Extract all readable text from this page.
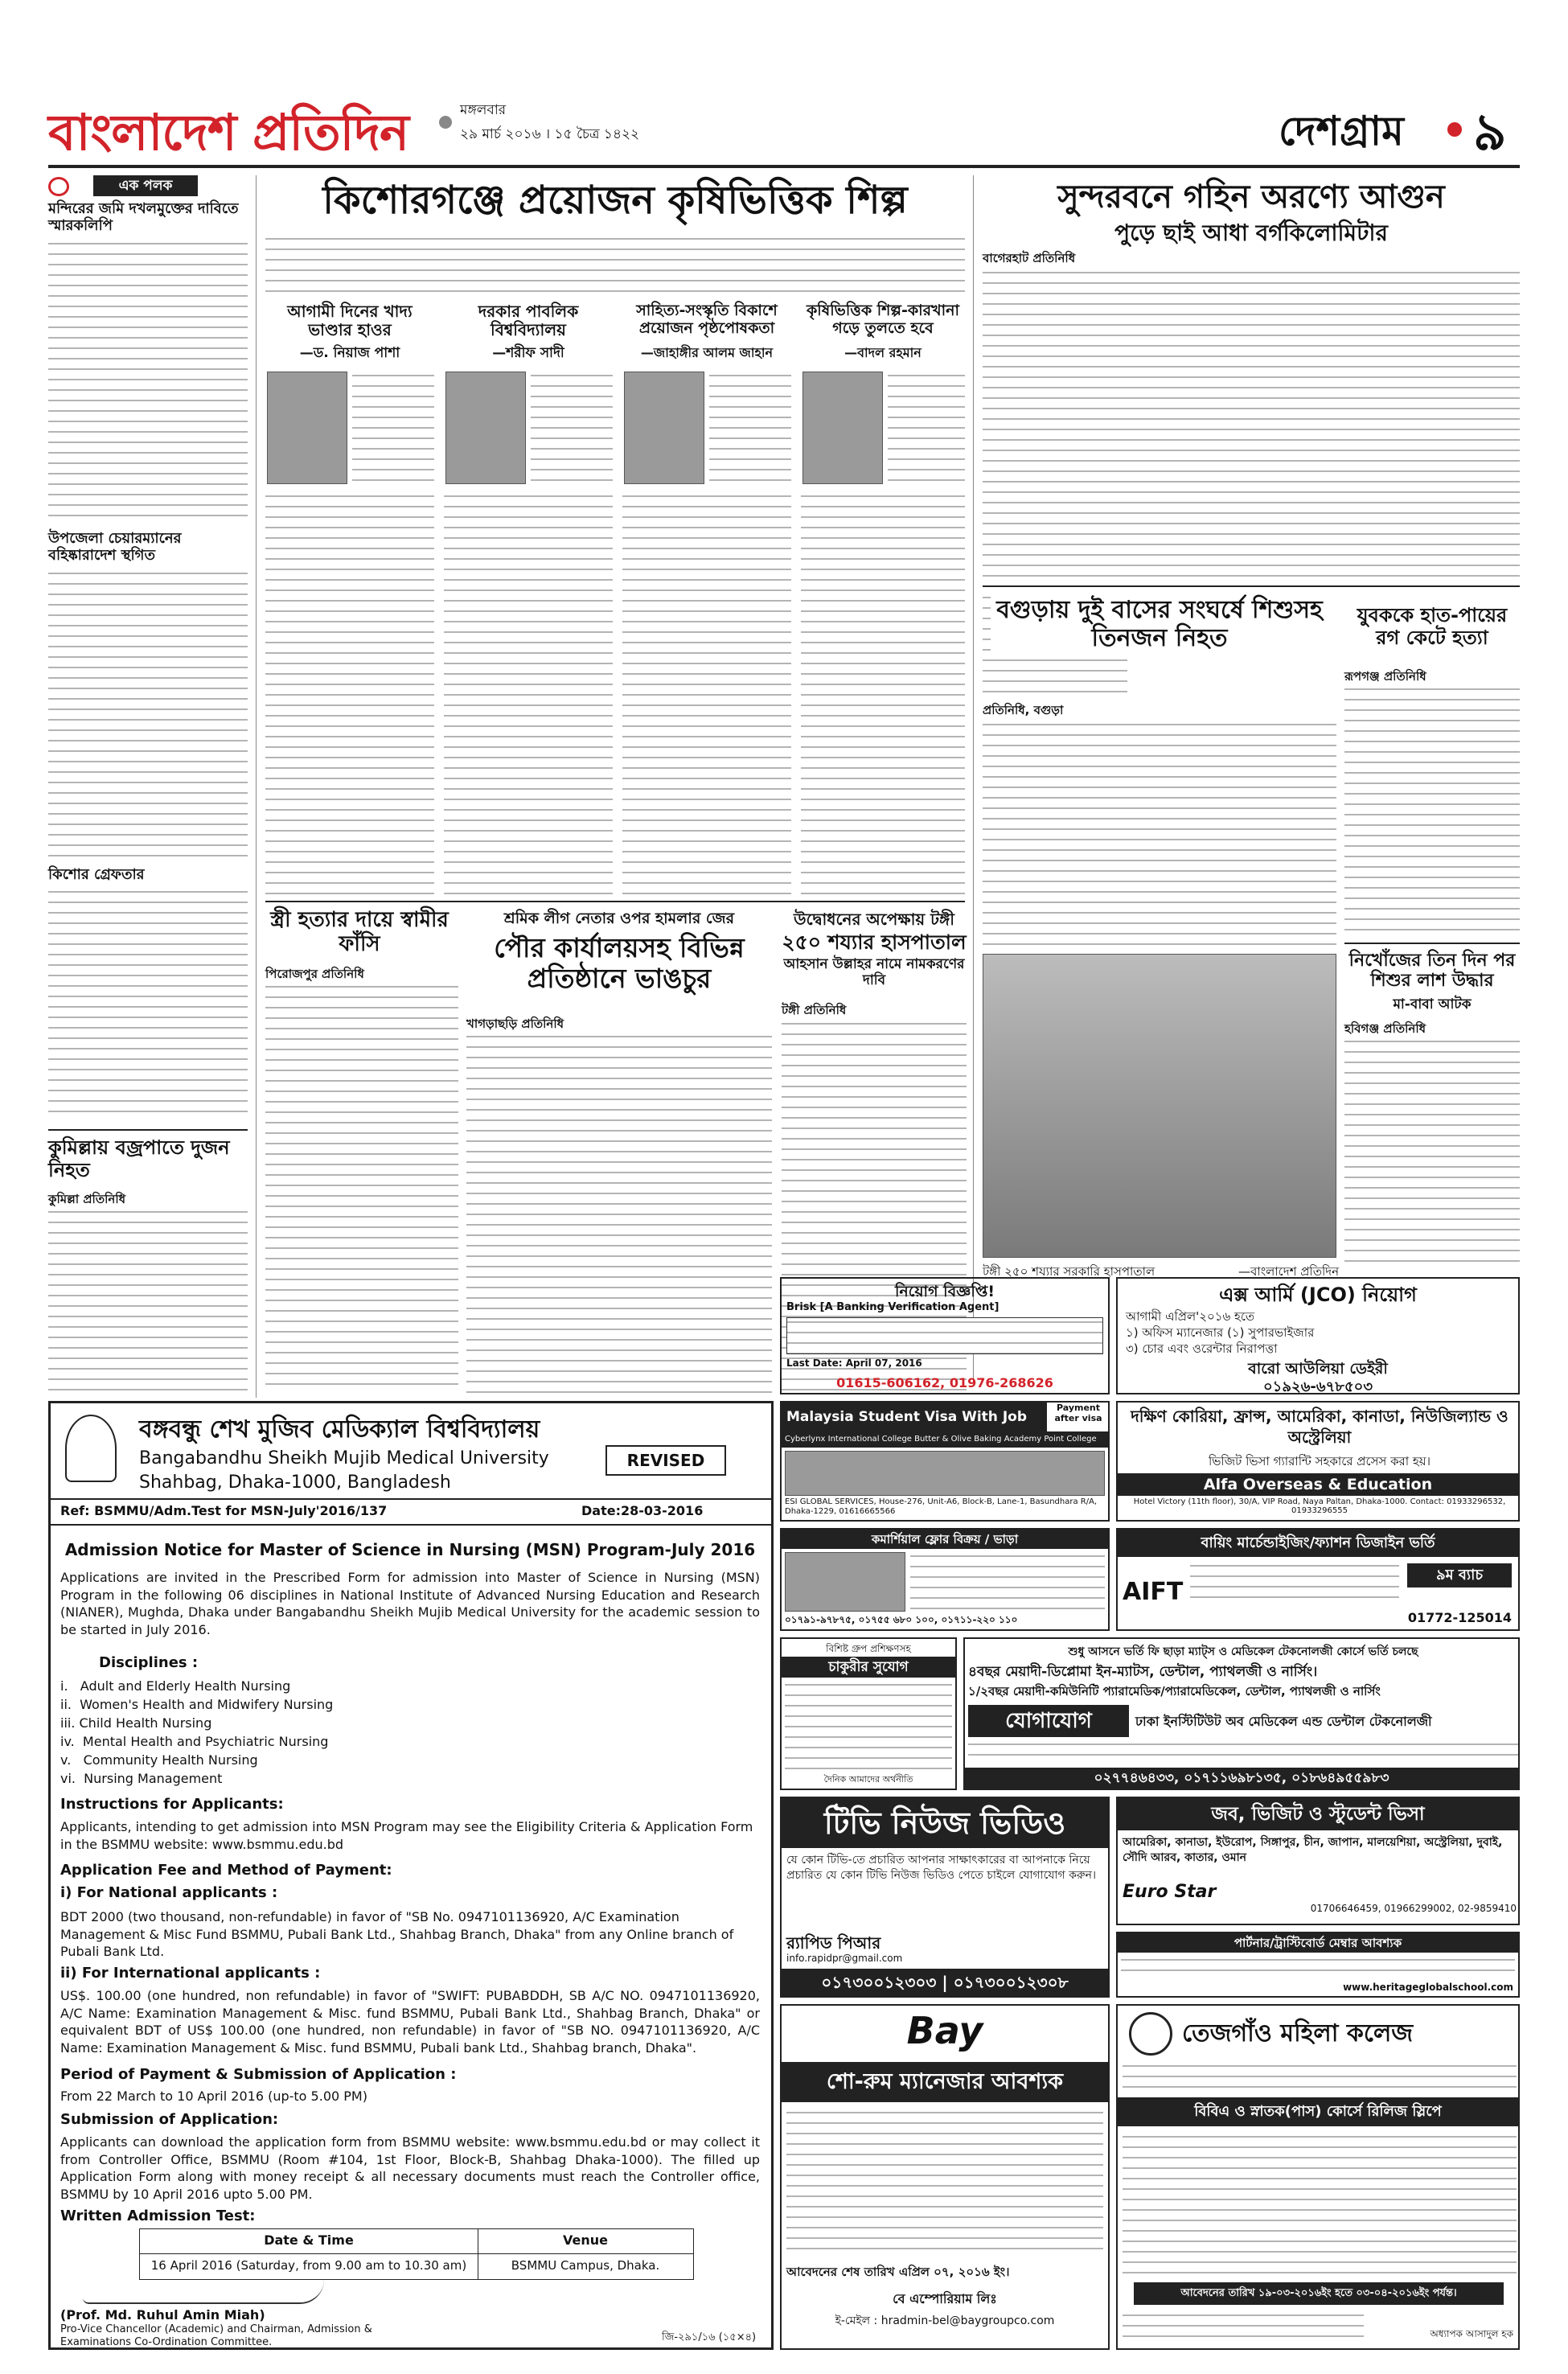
বাংলাদেশ প্রতিদিন	মঙ্গলবার
২৯ মার্চ ২০১৬ । ১৫ চৈত্র ১৪২২	দেশগ্রাম ৯
এক পলক
মন্দিরের জমি দখলমুক্তের দাবিতে স্মারকলিপি
উপজেলা চেয়ারম্যানের বহিষ্কারাদেশ স্থগিত
কিশোর গ্রেফতার
কুমিল্লায় বজ্রপাতে দুজন নিহত
কুমিল্লা প্রতিনিধি
কিশোরগঞ্জে প্রয়োজন কৃষিভিত্তিক শিল্প
আগামী দিনের খাদ্য ভাণ্ডার হাওর
—ড. নিয়াজ পাশা
দরকার পাবলিক বিশ্ববিদ্যালয়
—শরীফ সাদী
সাহিত্য-সংস্কৃতি বিকাশে প্রয়োজন পৃষ্ঠপোষকতা
—জাহাঙ্গীর আলম জাহান
কৃষিভিত্তিক শিল্প-কারখানা গড়ে তুলতে হবে
—বাদল রহমান
স্ত্রী হত্যার দায়ে স্বামীর ফাঁসি
পিরোজপুর প্রতিনিধি
শ্রমিক লীগ নেতার ওপর হামলার জের
পৌর কার্যালয়সহ বিভিন্ন প্রতিষ্ঠানে ভাঙচুর
খাগড়াছড়ি প্রতিনিধি
উদ্বোধনের অপেক্ষায় টঙ্গী
২৫০ শয্যার হাসপাতাল
আহসান উল্লাহর নামে নামকরণের দাবি
টঙ্গী প্রতিনিধি
সুন্দরবনে গহিন অরণ্যে আগুন
পুড়ে ছাই আধা বর্গকিলোমিটার
বাগেরহাট প্রতিনিধি
বগুড়ায় দুই বাসের সংঘর্ষে শিশুসহ তিনজন নিহত
প্রতিনিধি, বগুড়া
যুবককে হাত-পায়ের রগ কেটে হত্যা
রূপগঞ্জ প্রতিনিধি
নিখোঁজের তিন দিন পর শিশুর লাশ উদ্ধার
মা-বাবা আটক
হবিগঞ্জ প্রতিনিধি
টঙ্গী ২৫০ শয্যার সরকারি হাসপাতাল	—বাংলাদেশ প্রতিদিন
বঙ্গবন্ধু শেখ মুজিব মেডিক্যাল বিশ্ববিদ্যালয়
Bangabandhu Sheikh Mujib Medical University
Shahbag, Dhaka-1000, Bangladesh
REVISED
Ref: BSMMU/Adm.Test for MSN-July'2016/137	Date:28-03-2016
Admission Notice for Master of Science in Nursing (MSN) Program-July 2016
Applications are invited in the Prescribed Form for admission into Master of Science in Nursing (MSN) Program in the following 06 disciplines in National Institute of Advanced Nursing Education and Research (NIANER), Mughda, Dhaka under Bangabandhu Sheikh Mujib Medical University for the academic session to be started in July 2016.
Disciplines :
i.   Adult and Elderly Health Nursing
ii.  Women's Health and Midwifery Nursing
iii. Child Health Nursing
iv.  Mental Health and Psychiatric Nursing
v.   Community Health Nursing
vi.  Nursing Management
Instructions for Applicants:
Applicants, intending to get admission into MSN Program may see the Eligibility Criteria & Application Form in the BSMMU website: www.bsmmu.edu.bd
Application Fee and Method of Payment:
i) For National applicants :
BDT 2000 (two thousand, non-refundable) in favor of "SB No. 0947101136920, A/C Examination Management & Misc Fund BSMMU, Pubali Bank Ltd., Shahbag Branch, Dhaka" from any Online branch of Pubali Bank Ltd.
ii) For International applicants :
US$. 100.00 (one hundred, non refundable) in favor of "SWIFT: PUBABDDH, SB A/C NO. 0947101136920, A/C Name: Examination Management & Misc. fund BSMMU, Pubali Bank Ltd., Shahbag Branch, Dhaka" or equivalent BDT of US$ 100.00 (one hundred, non refundable) in favor of "SB NO. 0947101136920, A/C Name: Examination Management & Misc. fund BSMMU, Pubali bank Ltd., Shahbag branch, Dhaka".
Period of Payment & Submission of Application :
From 22 March to 10 April 2016 (up-to 5.00 PM)
Submission of Application:
Applicants can download the application form from BSMMU website: www.bsmmu.edu.bd or may collect it from Controller Office, BSMMU (Room #104, 1st Floor, Block-B, Shahbag Dhaka-1000). The filled up Application Form along with money receipt & all necessary documents must reach the Controller office, BSMMU by 10 April 2016 upto 5.00 PM.
Written Admission Test:
Date & Time	Venue
16 April 2016 (Saturday, from 9.00 am to 10.30 am)	BSMMU Campus, Dhaka.
(Prof. Md. Ruhul Amin Miah)
Pro-Vice Chancellor (Academic) and Chairman, Admission & Examinations Co-Ordination Committee.	জি-২৯১/১৬ (১৫×৪)
নিয়োগ বিজ্ঞপ্তি!
Brisk [A Banking Verification Agent]
Last Date: April 07, 2016
01615-606162, 01976-268626
এক্স আর্মি (JCO) নিয়োগ
আগামী এপ্রিল'২০১৬ হতে
১) অফিস ম্যানেজার (১) সুপারভাইজার
৩) চোর এবং ওরেন্টার নিরাপত্তা
বারো আউলিয়া ডেইরী
০১৯২৬-৬৭৮৫০৩
Malaysia Student Visa With Job
Payment after visa
Cyberlynx International College Butter & Olive Baking Academy Point College
ESI GLOBAL SERVICES, House-276, Unit-A6, Block-B, Lane-1, Basundhara R/A, Dhaka-1229, 01616665566
দক্ষিণ কোরিয়া, ফ্রান্স, আমেরিকা, কানাডা, নিউজিল্যান্ড ও অস্ট্রেলিয়া
ভিজিট ভিসা গ্যারান্টি সহকারে প্রসেস করা হয়।
Alfa Overseas & Education
Hotel Victory (11th floor), 30/A, VIP Road, Naya Paltan, Dhaka-1000. Contact: 01933296532, 01933296555
কমার্শিয়াল ফ্লোর বিক্রয় / ভাড়া
০১৭৯১-৯৭৮৭৫, ০১৭৫৫ ৬৮০ ১০০, ০১৭১১-২২০ ১১০
বায়িং মার্চেন্ডাইজিং/ফ্যাশন ডিজাইন ভর্তি
AIFT
৯ম ব্যাচ
01772-125014
বিশিষ্ট গ্রুপ প্রশিক্ষণসহ
চাকুরীর সুযোগ
দৈনিক আমাদের অর্থনীতি
শুধু আসনে ভর্তি ফি ছাড়া ম্যাট্স ও মেডিকেল টেকনোলজী কোর্সে ভর্তি চলছে
৪বছর মেয়াদী-ডিপ্লোমা ইন-ম্যাটস, ডেন্টাল, প্যাথলজী ও নার্সিং।
১/২বছর মেয়াদী-কমিউনিটি প্যারামেডিক/প্যারামেডিকেল, ডেন্টাল, প্যাথলজী ও নার্সিং
যোগাযোগ	ঢাকা ইনস্টিটিউট অব মেডিকেল এন্ড ডেন্টাল টেকনোলজী
০২৭৭৪৬৪৩৩, ০১৭১১৬৯৮১৩৫, ০১৮৬৪৯৫৫৯৮৩
টিভি নিউজ ভিডিও
যে কোন টিভি-তে প্রচারিত আপনার সাক্ষাৎকারের বা আপনাকে নিয়ে প্রচারিত যে কোন টিভি নিউজ ভিডিও পেতে চাইলে যোগাযোগ করুন।
র‍্যাপিড পিআর
info.rapidpr@gmail.com
০১৭৩০০১২৩০৩ | ০১৭৩০০১২৩০৮
জব, ভিজিট ও স্টুডেন্ট ভিসা
আমেরিকা, কানাডা, ইউরোপ, সিঙ্গাপুর, চীন, জাপান, মালয়েশিয়া, অস্ট্রেলিয়া, দুবাই, সৌদি আরব, কাতার, ওমান
Euro Star
01706646459, 01966299002, 02-9859410
পার্টনার/ট্রাস্টিবোর্ড মেম্বার আবশ্যক
www.heritageglobalschool.com
Bay
শো-রুম ম্যানেজার আবশ্যক
আবেদনের শেষ তারিখ এপ্রিল ০৭, ২০১৬ ইং।
বে এম্পোরিয়াম লিঃ
ই-মেইল : hradmin-bel@baygroupco.com
তেজগাঁও মহিলা কলেজ
বিবিএ ও স্নাতক(পাস) কোর্সে রিলিজ স্লিপে
আবেদনের তারিখ ১৯-০৩-২০১৬ইং হতে ০৩-০৪-২০১৬ইং পর্যন্ত।
অধ্যাপক আসাদুল হক
